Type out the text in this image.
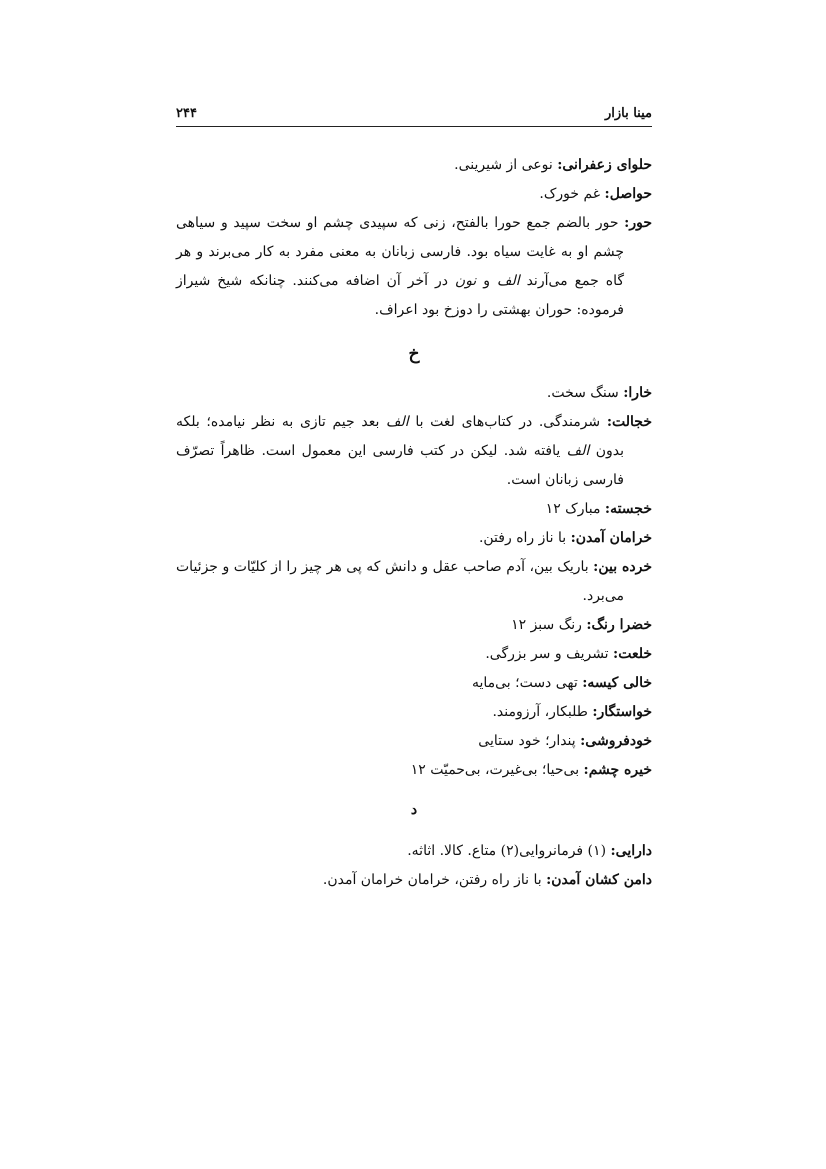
مینا بازار
۲۴۴

حلوای زعفرانی: نوعی از شیرینی.

حواصل: غم خورک.

حور: حور بالضم جمع حورا بالفتح، زنی که سپیدی چشم او سخت سپید و سیاهی چشم او به غایت سیاه بود. فارسی زبانان به معنی مفرد به کار می‌برند و هر گاه جمع می‌آرند الف و نون در آخر آن اضافه می‌کنند. چنانکه شیخ شیراز فرموده: حوران بهشتی را دوزخ بود اعراف.

خ

خارا: سنگ سخت.

خجالت: شرمندگی. در کتاب‌های لغت با الف بعد جیم تازی به نظر نیامده؛ بلکه بدون الف یافته شد. لیکن در کتب فارسی این معمول است. ظاهراً تصرّف فارسی زبانان است.

خجسته: مبارک ۱۲

خرامان آمدن: با ناز راه رفتن.

خرده بین: باریک بین، آدم صاحب عقل و دانش که پی هر چیز را از کلیّات و جزئیات می‌برد.

خضرا رنگ: رنگ سبز ۱۲

خلعت: تشریف و سر بزرگی.

خالی کیسه: تهی دست؛ بی‌مایه

خواستگار: طلبکار، آرزومند.

خودفروشی: پندار؛ خود ستایی

خیره چشم: بی‌حیا؛ بی‌غیرت، بی‌حمیّت ۱۲

د

دارایی: (۱) فرمانروایی(۲) متاع. کالا. اثاثه.

دامن کشان آمدن: با ناز راه رفتن، خرامان خرامان آمدن.
